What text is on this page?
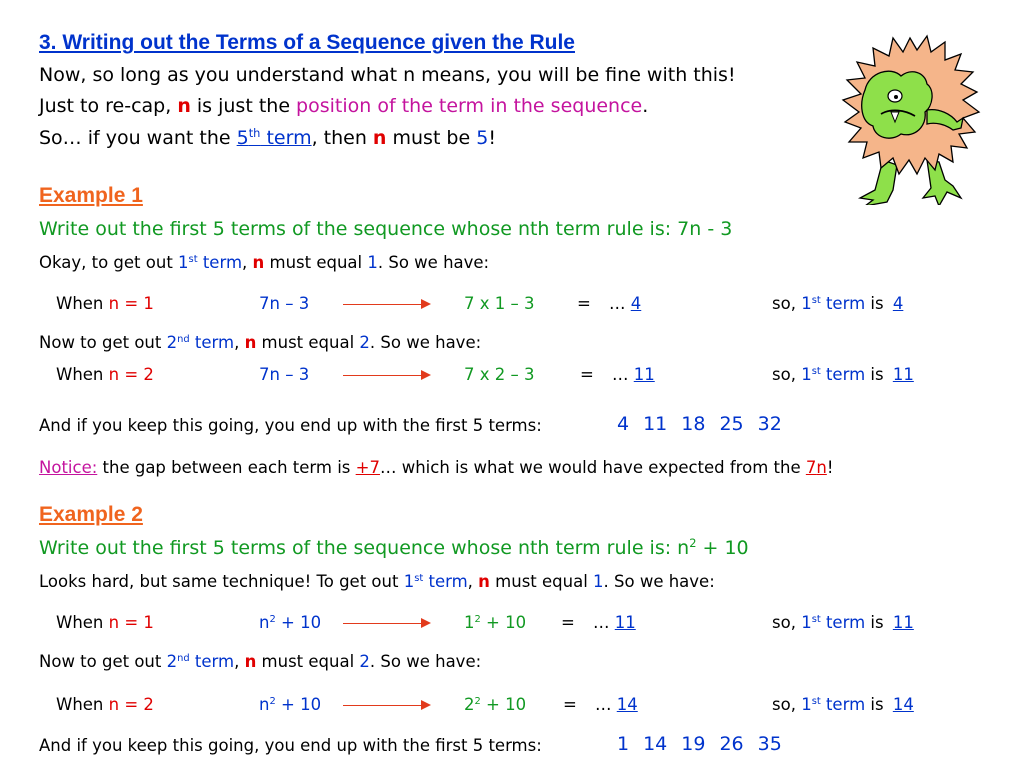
3. Writing out the Terms of a Sequence given the Rule
Now, so long as you understand what n means, you will be fine with this!
Just to re-cap, n is just the position of the term in the sequence.
So… if you want the 5th term, then n must be 5!
Example 1
Write out the first 5 terms of the sequence whose nth term rule is: 7n - 3
Okay, to get out 1st term, n must equal 1. So we have:
When n = 1	7n – 3	7 x 1 – 3	= … 4	so, 1st term is 4
Now to get out 2nd term, n must equal 2. So we have:
When n = 2	7n – 3	7 x 2 – 3	= … 11	so, 1st term is 11
And if you keep this going, you end up with the first 5 terms:	4 11 18 25 32
Notice: the gap between each term is +7… which is what we would have expected from the 7n!
Example 2
Write out the first 5 terms of the sequence whose nth term rule is: $n^2 + 10$
Looks hard, but same technique! To get out 1st term, n must equal 1. So we have:
When n = 1	$n^2 + 10$	$1^2 + 10$ = … 11	so, 1st term is 11
Now to get out 2nd term, n must equal 2. So we have:
When n = 2	$n^2 + 10$	$2^2 + 10$ = … 14	so, 1st term is 14
And if you keep this going, you end up with the first 5 terms:	1 14 19 26 35
